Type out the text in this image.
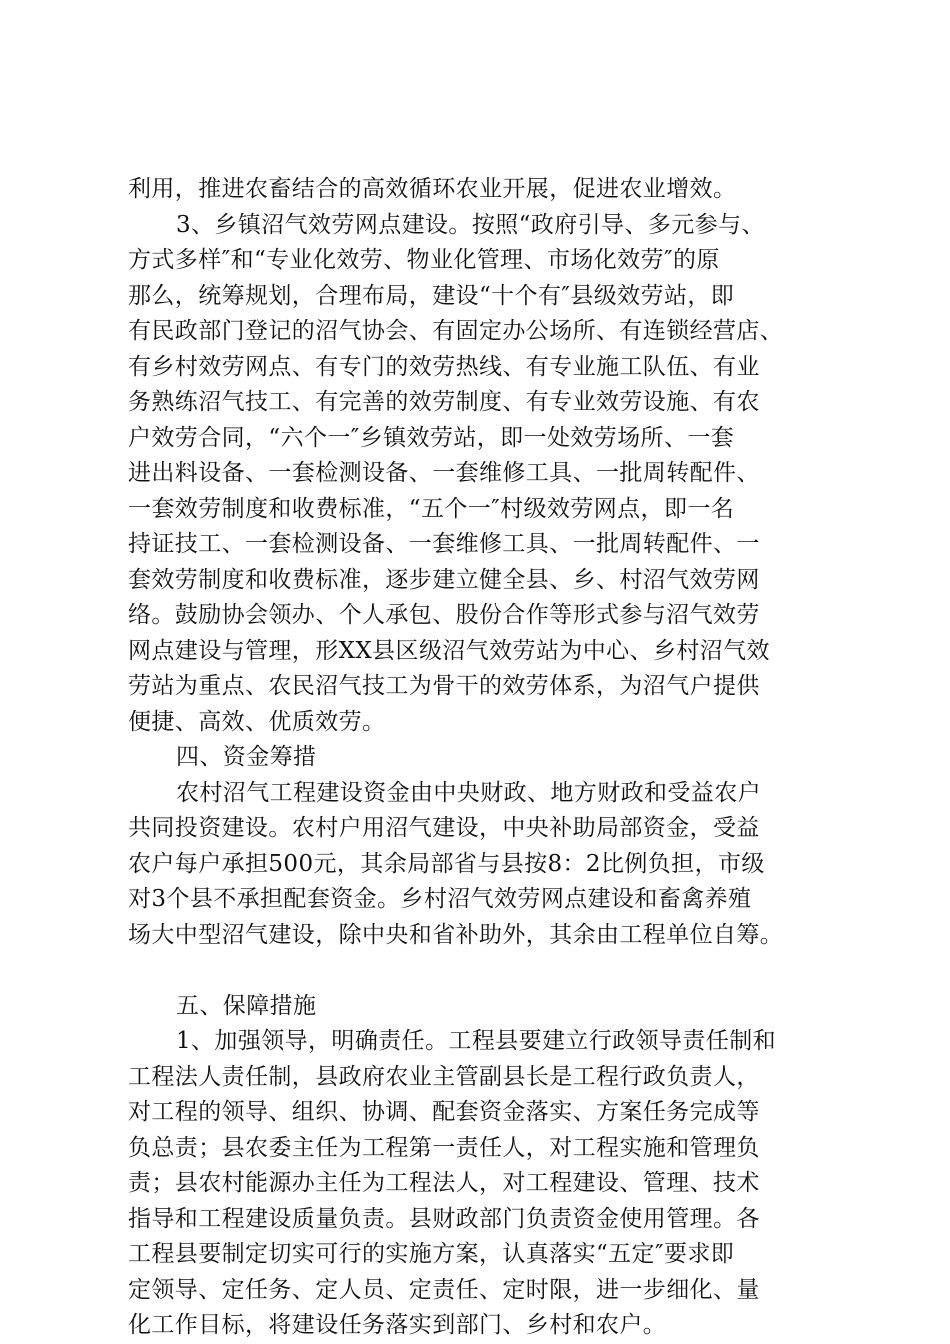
利用，推进农畜结合的高效循环农业开展，促进农业增效。
3、乡镇沼气效劳网点建设。按照“政府引导、多元参与、
方式多样″和“专业化效劳、物业化管理、市场化效劳″的原
那么，统筹规划，合理布局，建设“十个有″县级效劳站，即
有民政部门登记的沼气协会、有固定办公场所、有连锁经营店、
有乡村效劳网点、有专门的效劳热线、有专业施工队伍、有业
务熟练沼气技工、有完善的效劳制度、有专业效劳设施、有农
户效劳合同，“六个一″乡镇效劳站，即一处效劳场所、一套
进出料设备、一套检测设备、一套维修工具、一批周转配件、
一套效劳制度和收费标准，“五个一″村级效劳网点，即一名
持证技工、一套检测设备、一套维修工具、一批周转配件、一
套效劳制度和收费标准，逐步建立健全县、乡、村沼气效劳网
络。鼓励协会领办、个人承包、股份合作等形式参与沼气效劳
网点建设与管理，形XX县区级沼气效劳站为中心、乡村沼气效
劳站为重点、农民沼气技工为骨干的效劳体系，为沼气户提供
便捷、高效、优质效劳。
四、资金筹措
农村沼气工程建设资金由中央财政、地方财政和受益农户
共同投资建设。农村户用沼气建设，中央补助局部资金，受益
农户每户承担500元，其余局部省与县按8：2比例负担，市级
对3个县不承担配套资金。乡村沼气效劳网点建设和畜禽养殖
场大中型沼气建设，除中央和省补助外，其余由工程单位自筹。
五、保障措施
1、加强领导，明确责任。工程县要建立行政领导责任制和
工程法人责任制，县政府农业主管副县长是工程行政负责人，
对工程的领导、组织、协调、配套资金落实、方案任务完成等
负总责；县农委主任为工程第一责任人，对工程实施和管理负
责；县农村能源办主任为工程法人，对工程建设、管理、技术
指导和工程建设质量负责。县财政部门负责资金使用管理。各
工程县要制定切实可行的实施方案，认真落实“五定″要求即
定领导、定任务、定人员、定责任、定时限，进一步细化、量
化工作目标，将建设任务落实到部门、乡村和农户。
